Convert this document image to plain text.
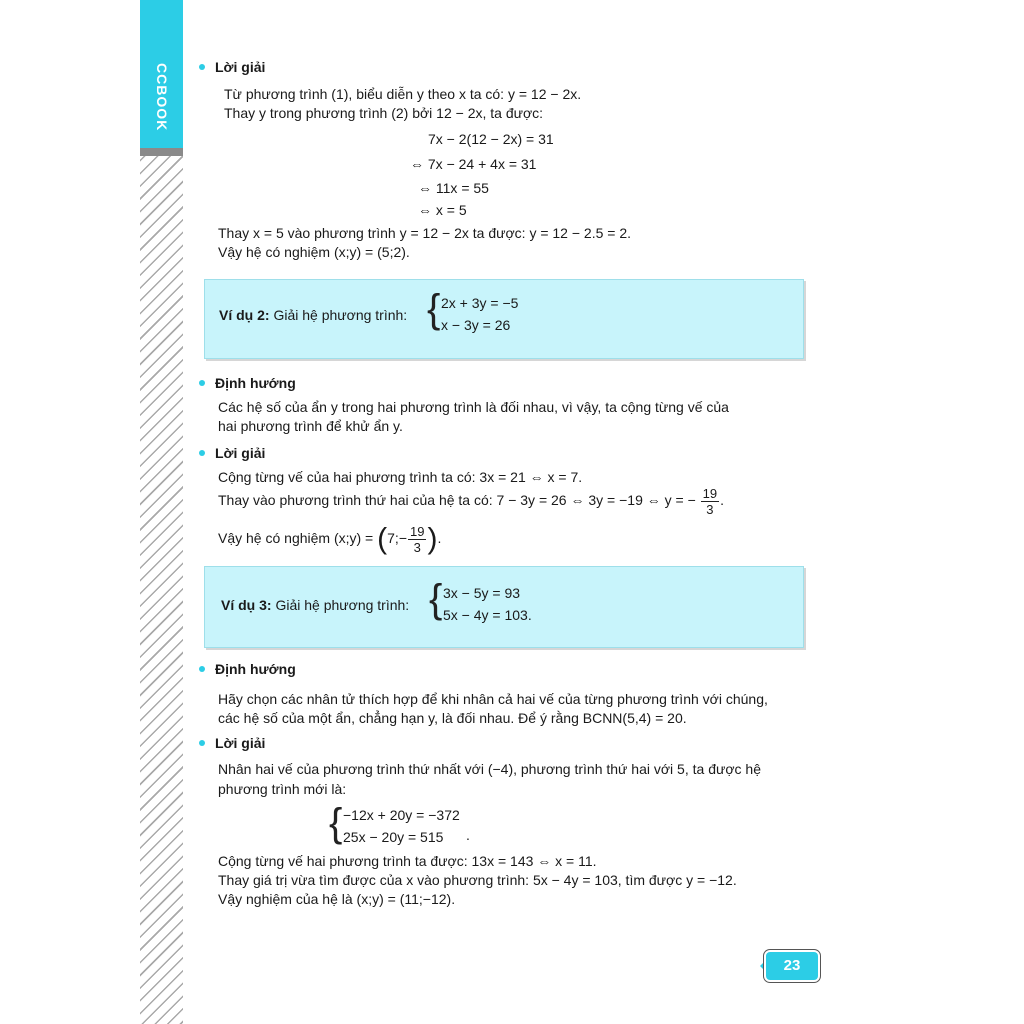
CCBOOK	Lời giải
Từ phương trình (1), biểu diễn y theo x ta có: y = 12 − 2x.
Thay y trong phương trình (2) bởi 12 − 2x, ta được:
7x − 2(12 − 2x) = 31
⇔ 7x − 24 + 4x = 31
⇔ 11x = 55
⇔ x = 5
Thay x = 5 vào phương trình y = 12 − 2x ta được: y = 12 − 2.5 = 2.
Vậy hệ có nghiệm (x;y) = (5;2).
Ví dụ 2: Giải hệ phương trình: { 2x + 3y = −5
x − 3y = 26
Định hướng
Các hệ số của ẩn y trong hai phương trình là đối nhau, vì vậy, ta cộng từng vế của
hai phương trình để khử ẩn y.
Lời giải
Cộng từng vế của hai phương trình ta có: 3x = 21 ⇔ x = 7.
Thay vào phương trình thứ hai của hệ ta có: 7 − 3y = 26 ⇔ 3y = −19 ⇔ y = − $\frac{19}{3}$ .
Vậy hệ có nghiệm (x;y) = (7;− $\frac{19}{3}$ ).
Ví dụ 3: Giải hệ phương trình: { 3x − 5y = 93
5x − 4y = 103.
Định hướng
Hãy chọn các nhân tử thích hợp để khi nhân cả hai vế của từng phương trình với chúng,
các hệ số của một ẩn, chẳng hạn y, là đối nhau. Để ý rằng BCNN(5,4) = 20.
Lời giải
Nhân hai vế của phương trình thứ nhất với (−4), phương trình thứ hai với 5, ta được hệ
phương trình mới là:
{ −12x + 20y = −372
25x − 20y = 515 .
Cộng từng vế hai phương trình ta được: 13x = 143 ⇔ x = 11.
Thay giá trị vừa tìm được của x vào phương trình: 5x − 4y = 103, tìm được y = −12.
Vậy nghiệm của hệ là (x;y) = (11;−12).
23
